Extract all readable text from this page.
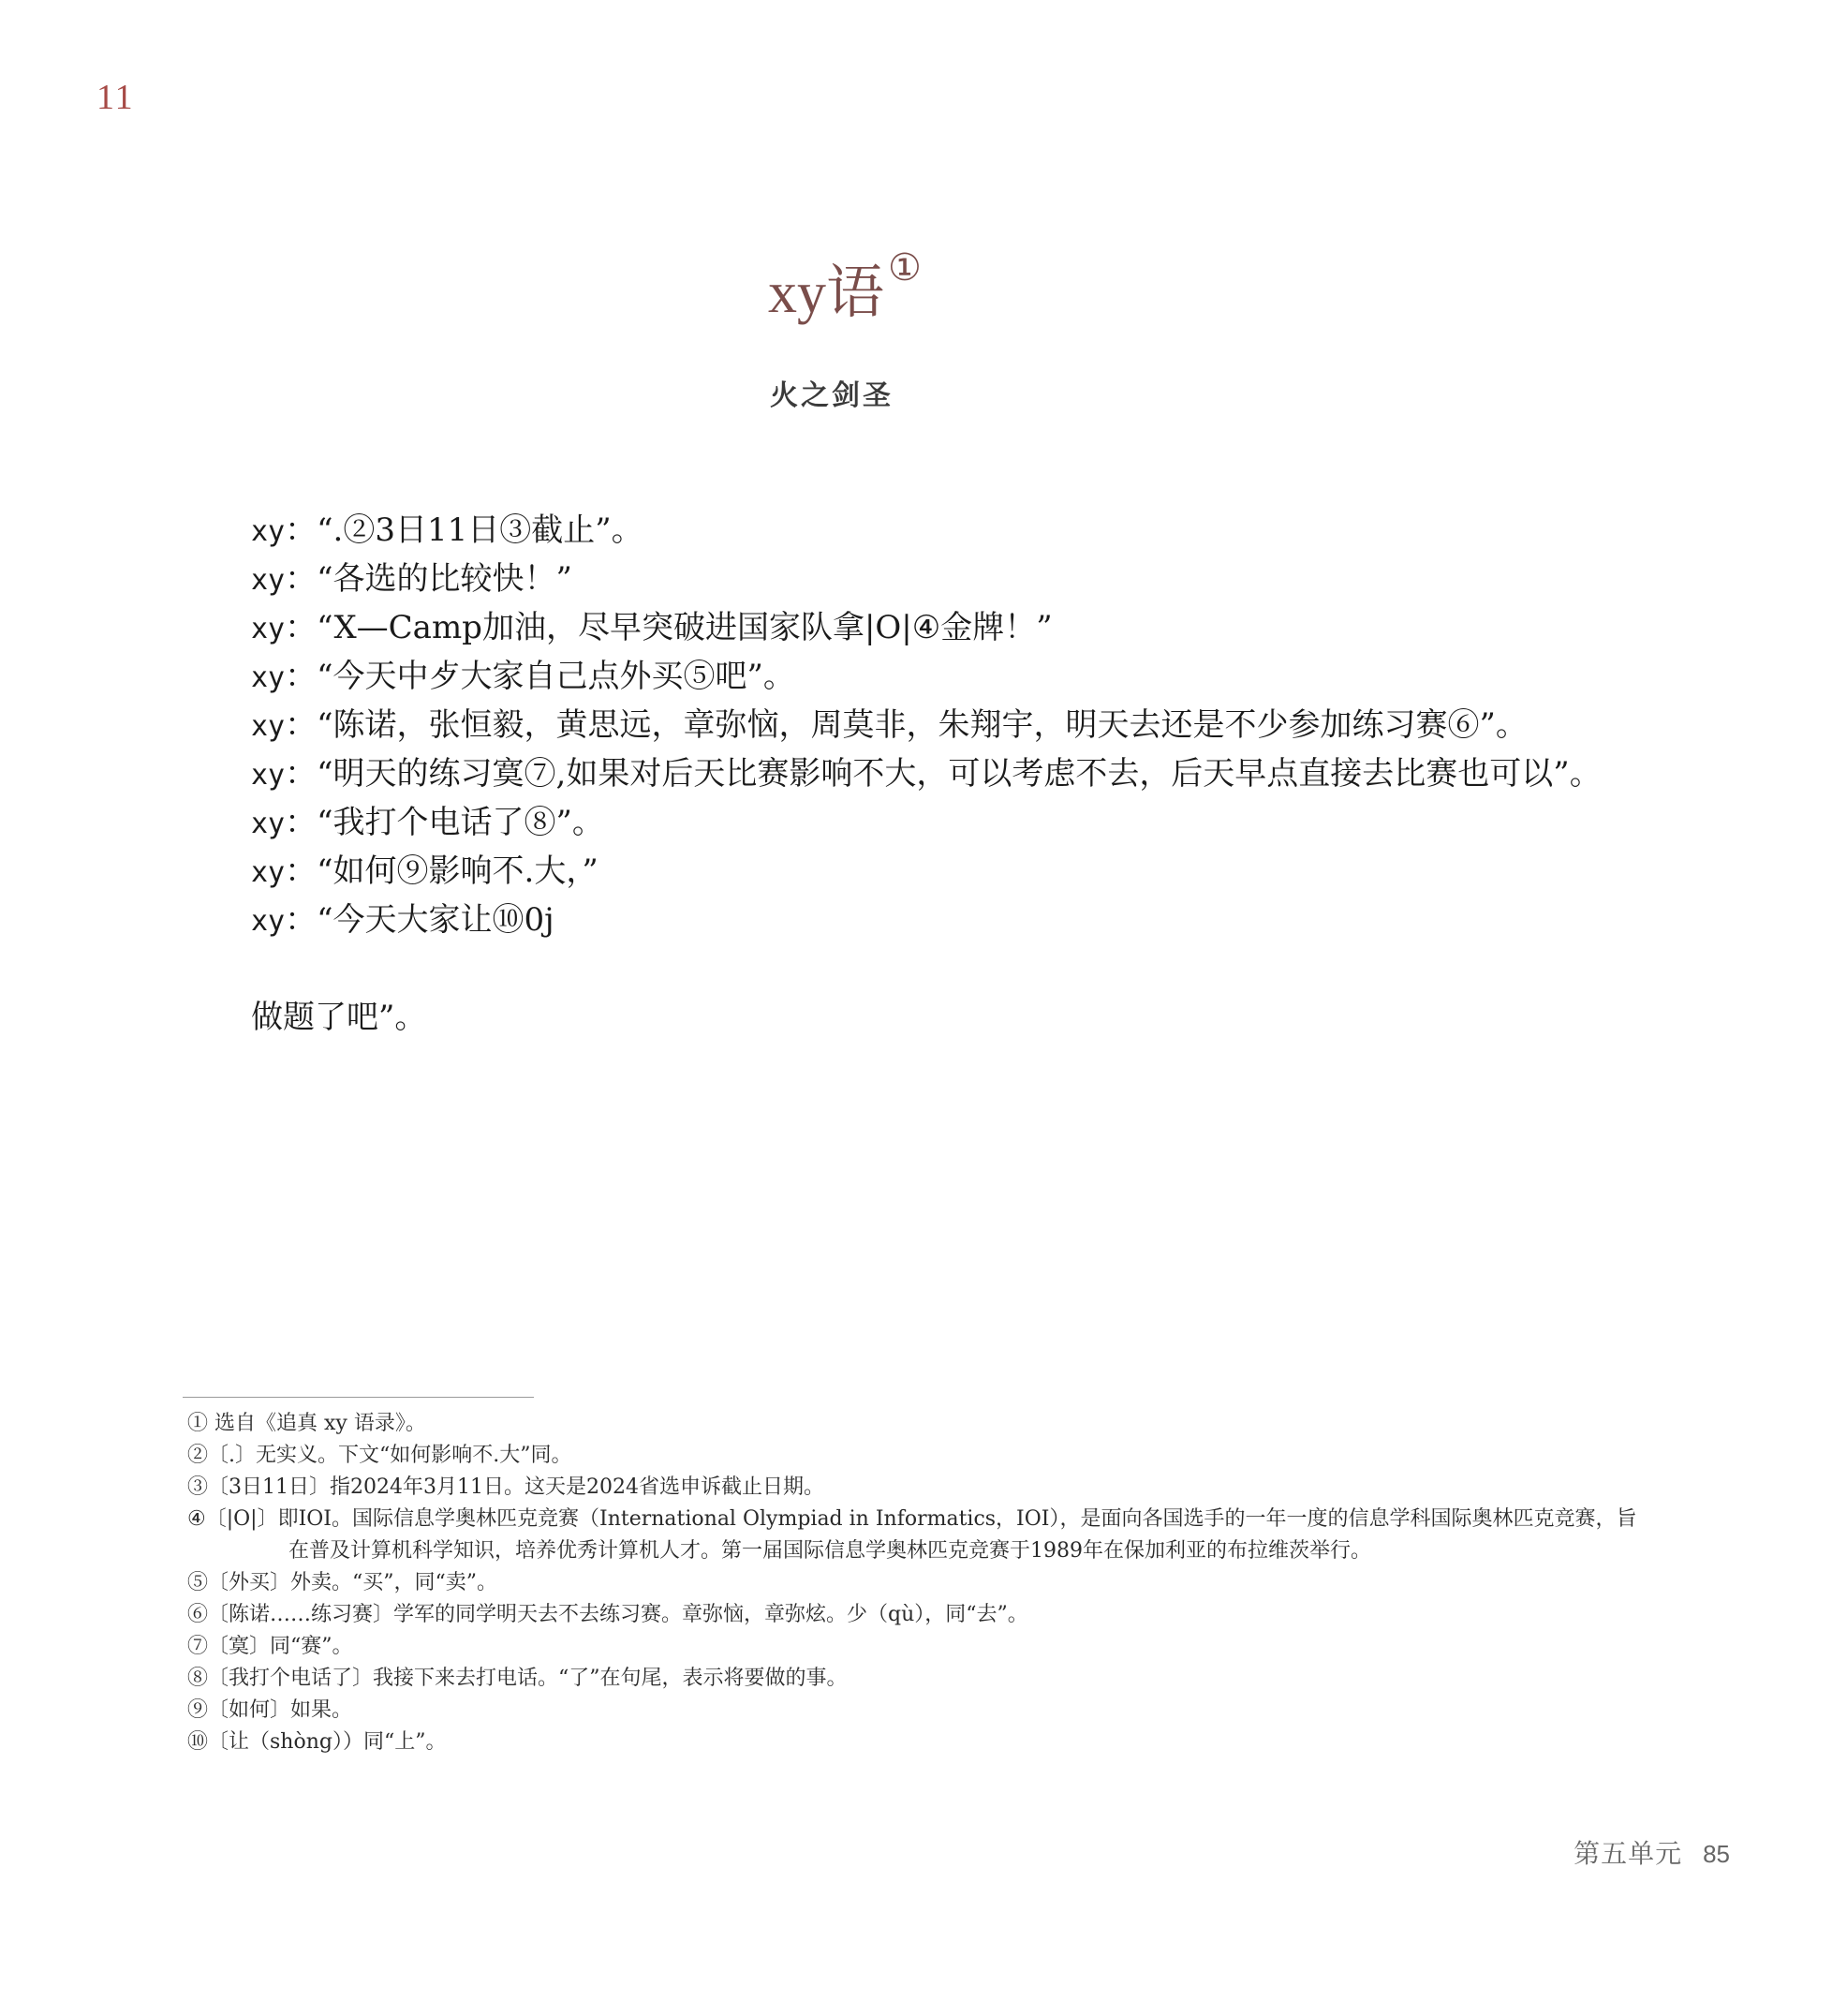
11
xy语 ①
火之剑圣
xy：“.②3日11日③截止”。
xy：“各选的比较快！”
xy：“X—Camp加油，尽早突破进国家队拿|O|④金牌！”
xy：“今天中歺大家自己点外买⑤吧”。
xy：“陈诺，张恒毅，黄思远，章弥恼，周莫非，朱翔宇，明天去还是不少参加练习赛⑥”。
xy：“明天的练习寞⑦,如果对后天比赛影响不大，可以考虑不去，后天早点直接去比赛也可以”。
xy：“我打个电话了⑧”。
xy：“如何⑨影响不.大，”
xy：“今天大家让⑩0j
做题了吧”。
① 选自《追真 xy 语录》。
②〔.〕无实义。下文“如何影响不.大”同。
③〔3日11日〕指2024年3月11日。这天是2024省选申诉截止日期。
④〔|O|〕即IOI。国际信息学奥林匹克竞赛（International Olympiad in Informatics，IOI），是面向各国选手的一年一度的信息学科国际奥林匹克竞赛，旨
在普及计算机科学知识，培养优秀计算机人才。第一届国际信息学奥林匹克竞赛于1989年在保加利亚的布拉维茨举行。
⑤〔外买〕外卖。“买”，同“卖”。
⑥〔陈诺……练习赛〕学军的同学明天去不去练习赛。章弥恼，章弥炫。少（qù），同“去”。
⑦〔寞〕同“赛”。
⑧〔我打个电话了〕我接下来去打电话。“了”在句尾，表示将要做的事。
⑨〔如何〕如果。
⑩〔让（shòng））同“上”。
第五单元 85
